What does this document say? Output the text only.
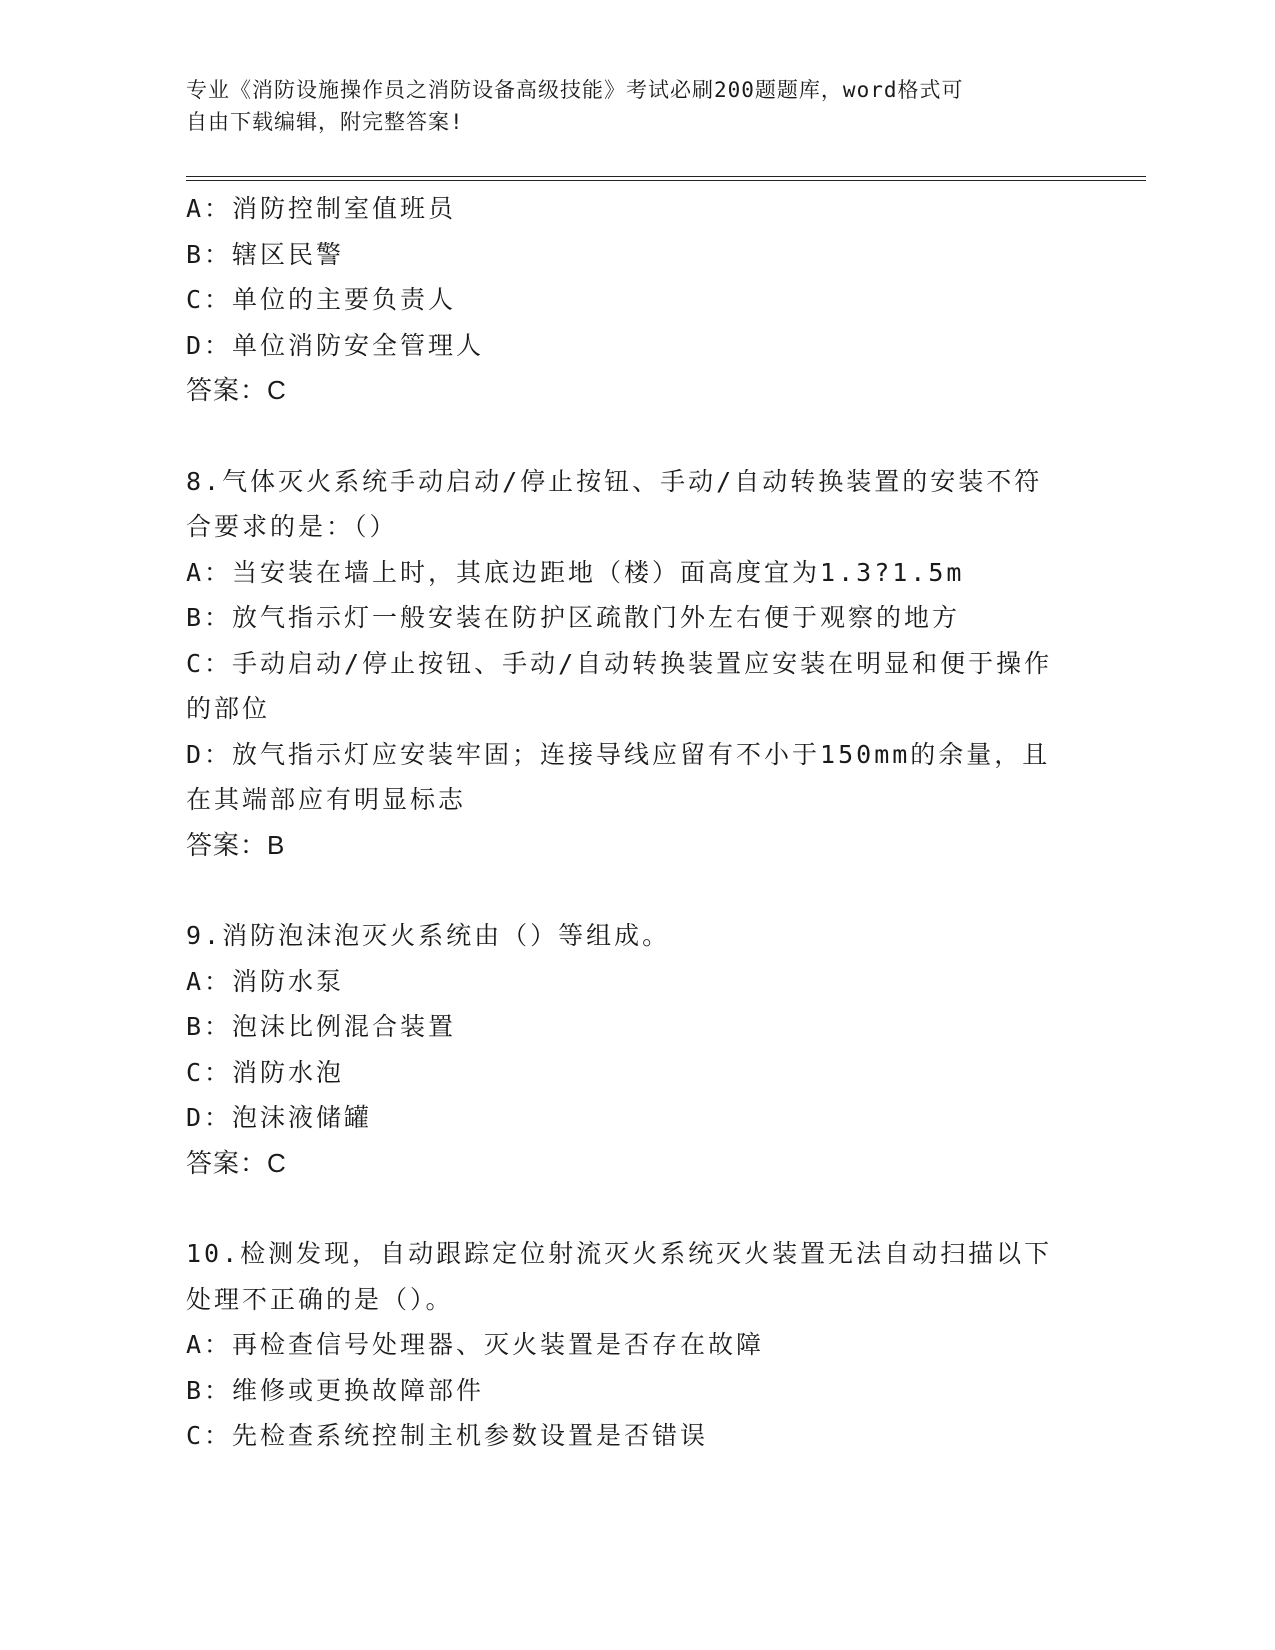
专业《消防设施操作员之消防设备高级技能》考试必刷200题题库，word格式可
自由下载编辑，附完整答案!
A：消防控制室值班员
B：辖区民警
C：单位的主要负责人
D：单位消防安全管理人
答案：C
8.气体灭火系统手动启动/停止按钮、手动/自动转换装置的安装不符
合要求的是：（）
A：当安装在墙上时，其底边距地（楼）面高度宜为1.3?1.5m
B：放气指示灯一般安装在防护区疏散门外左右便于观察的地方
C：手动启动/停止按钮、手动/自动转换装置应安装在明显和便于操作
的部位
D：放气指示灯应安装牢固；连接导线应留有不小于150mm的余量，且
在其端部应有明显标志
答案：B
9.消防泡沫泡灭火系统由（）等组成。
A：消防水泵
B：泡沫比例混合装置
C：消防水泡
D：泡沫液储罐
答案：C
10.检测发现，自动跟踪定位射流灭火系统灭火装置无法自动扫描以下
处理不正确的是（）。
A：再检查信号处理器、灭火装置是否存在故障
B：维修或更换故障部件
C：先检查系统控制主机参数设置是否错误
